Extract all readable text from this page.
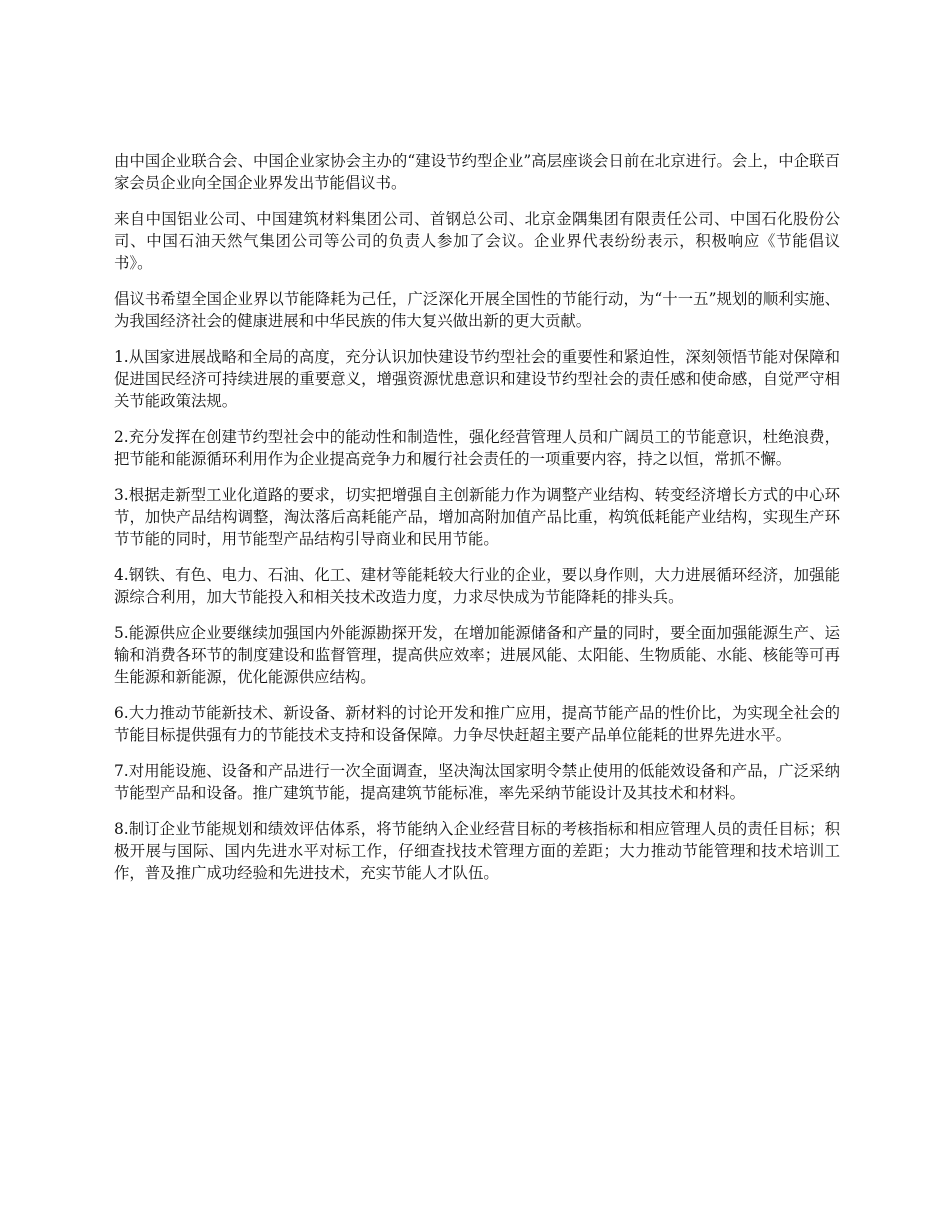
由中国企业联合会、中国企业家协会主办的“建设节约型企业”高层座谈会日前在北京进行。会上，中企联百家会员企业向全国企业界发出节能倡议书。

来自中国铝业公司、中国建筑材料集团公司、首钢总公司、北京金隅集团有限责任公司、中国石化股份公司、中国石油天然气集团公司等公司的负责人参加了会议。企业界代表纷纷表示，积极响应《节能倡议书》。

倡议书希望全国企业界以节能降耗为己任，广泛深化开展全国性的节能行动，为“十一五”规划的顺利实施、为我国经济社会的健康进展和中华民族的伟大复兴做出新的更大贡献。

1.从国家进展战略和全局的高度，充分认识加快建设节约型社会的重要性和紧迫性，深刻领悟节能对保障和促进国民经济可持续进展的重要意义，增强资源忧患意识和建设节约型社会的责任感和使命感，自觉严守相关节能政策法规。

2.充分发挥在创建节约型社会中的能动性和制造性，强化经营管理人员和广阔员工的节能意识，杜绝浪费，把节能和能源循环利用作为企业提高竞争力和履行社会责任的一项重要内容，持之以恒，常抓不懈。

3.根据走新型工业化道路的要求，切实把增强自主创新能力作为调整产业结构、转变经济增长方式的中心环节，加快产品结构调整，淘汰落后高耗能产品，增加高附加值产品比重，构筑低耗能产业结构，实现生产环节节能的同时，用节能型产品结构引导商业和民用节能。

4.钢铁、有色、电力、石油、化工、建材等能耗较大行业的企业，要以身作则，大力进展循环经济，加强能源综合利用，加大节能投入和相关技术改造力度，力求尽快成为节能降耗的排头兵。

5.能源供应企业要继续加强国内外能源勘探开发，在增加能源储备和产量的同时，要全面加强能源生产、运输和消费各环节的制度建设和监督管理，提高供应效率；进展风能、太阳能、生物质能、水能、核能等可再生能源和新能源，优化能源供应结构。

6.大力推动节能新技术、新设备、新材料的讨论开发和推广应用，提高节能产品的性价比，为实现全社会的节能目标提供强有力的节能技术支持和设备保障。力争尽快赶超主要产品单位能耗的世界先进水平。

7.对用能设施、设备和产品进行一次全面调查，坚决淘汰国家明令禁止使用的低能效设备和产品，广泛采纳节能型产品和设备。推广建筑节能，提高建筑节能标准，率先采纳节能设计及其技术和材料。

8.制订企业节能规划和绩效评估体系，将节能纳入企业经营目标的考核指标和相应管理人员的责任目标；积极开展与国际、国内先进水平对标工作，仔细查找技术管理方面的差距；大力推动节能管理和技术培训工作，普及推广成功经验和先进技术，充实节能人才队伍。
